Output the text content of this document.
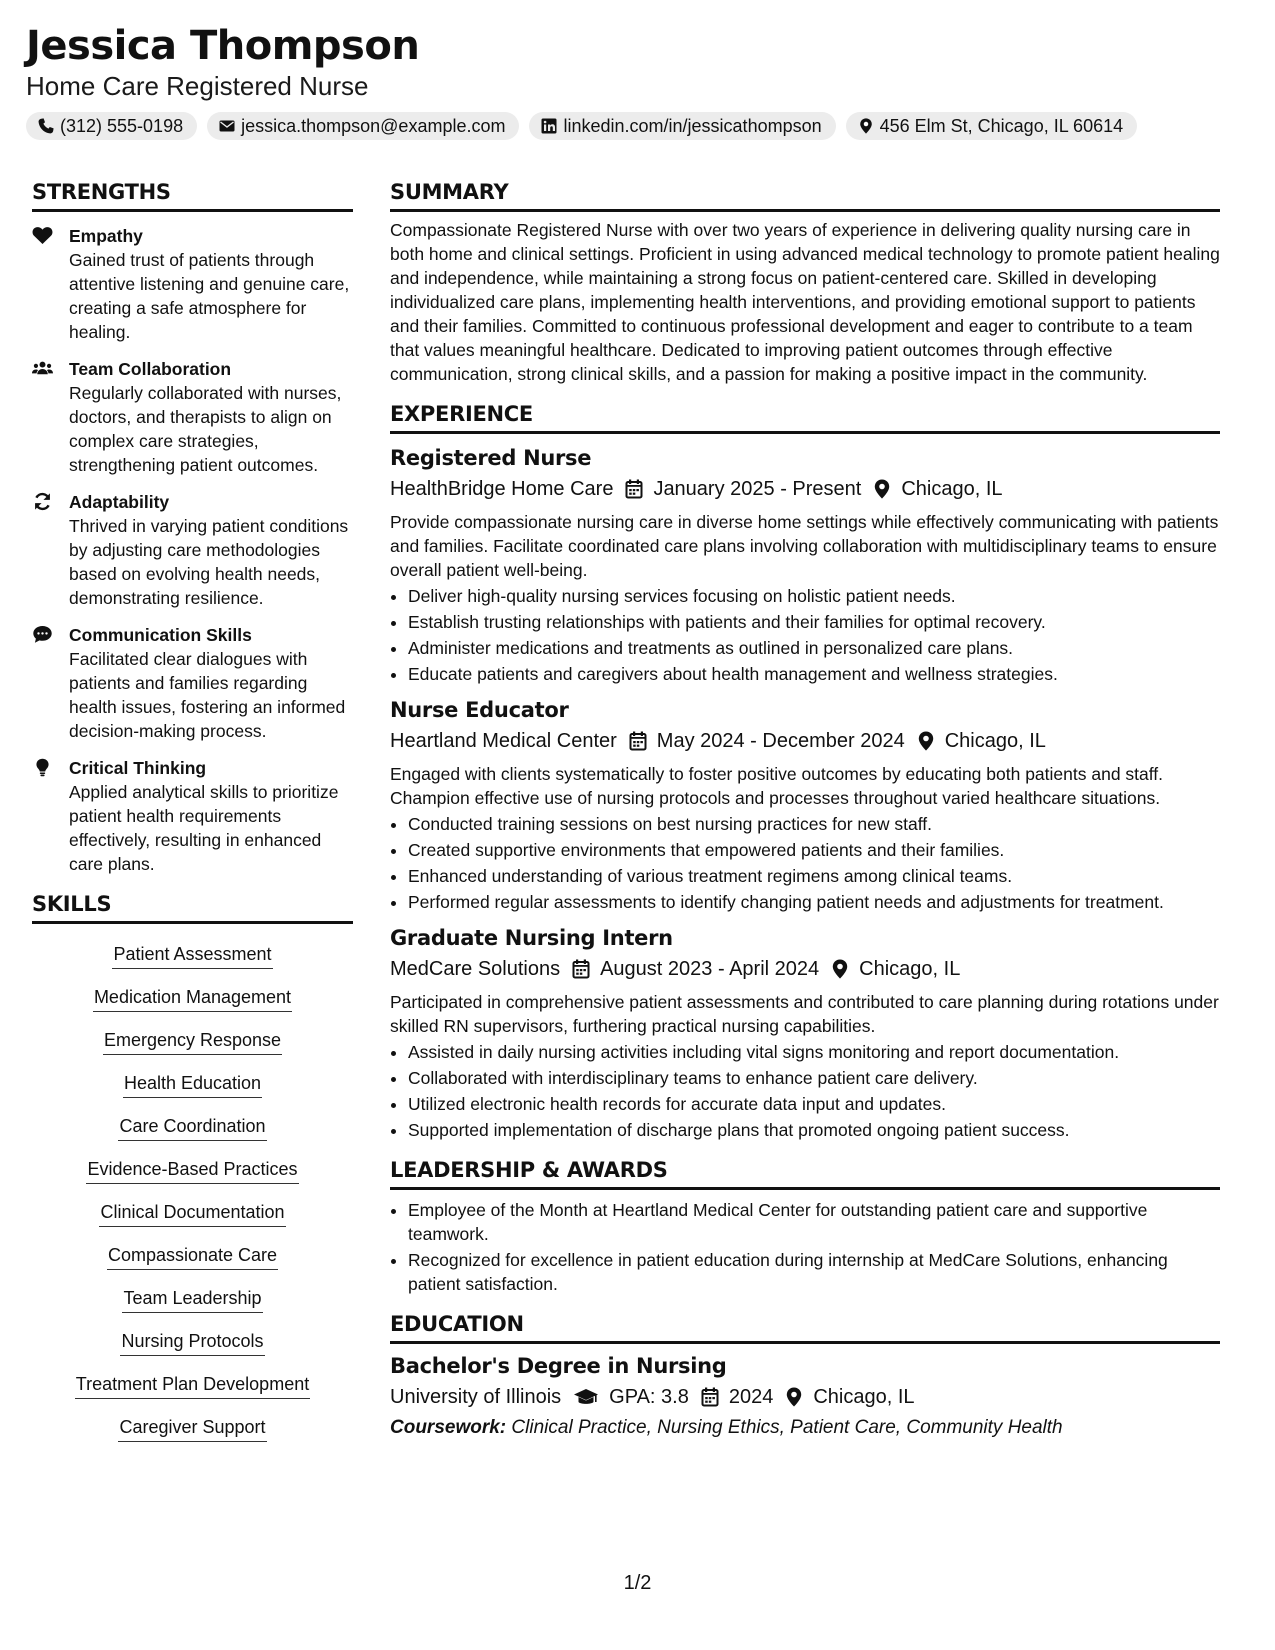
Jessica Thompson
Home Care Registered Nurse
(312) 555-0198	jessica.thompson@example.com	linkedin.com/in/jessicathompson	456 Elm St, Chicago, IL 60614
STRENGTHS
Empathy
Gained trust of patients through attentive listening and genuine care, creating a safe atmosphere for healing.
Team Collaboration
Regularly collaborated with nurses, doctors, and therapists to align on complex care strategies, strengthening patient outcomes.
Adaptability
Thrived in varying patient conditions by adjusting care methodologies based on evolving health needs, demonstrating resilience.
Communication Skills
Facilitated clear dialogues with patients and families regarding health issues, fostering an informed decision-making process.
Critical Thinking
Applied analytical skills to prioritize patient health requirements effectively, resulting in enhanced care plans.
SKILLS
Patient Assessment
Medication Management
Emergency Response
Health Education
Care Coordination
Evidence-Based Practices
Clinical Documentation
Compassionate Care
Team Leadership
Nursing Protocols
Treatment Plan Development
Caregiver Support
SUMMARY
Compassionate Registered Nurse with over two years of experience in delivering quality nursing care in both home and clinical settings. Proficient in using advanced medical technology to promote patient healing and independence, while maintaining a strong focus on patient-centered care. Skilled in developing individualized care plans, implementing health interventions, and providing emotional support to patients and their families. Committed to continuous professional development and eager to contribute to a team that values meaningful healthcare. Dedicated to improving patient outcomes through effective communication, strong clinical skills, and a passion for making a positive impact in the community.
EXPERIENCE
Registered Nurse
HealthBridge Home Care January 2025 - Present Chicago, IL
Provide compassionate nursing care in diverse home settings while effectively communicating with patients and families. Facilitate coordinated care plans involving collaboration with multidisciplinary teams to ensure overall patient well-being.
• Deliver high-quality nursing services focusing on holistic patient needs.
• Establish trusting relationships with patients and their families for optimal recovery.
• Administer medications and treatments as outlined in personalized care plans.
• Educate patients and caregivers about health management and wellness strategies.
Nurse Educator
Heartland Medical Center May 2024 - December 2024 Chicago, IL
Engaged with clients systematically to foster positive outcomes by educating both patients and staff. Champion effective use of nursing protocols and processes throughout varied healthcare situations.
• Conducted training sessions on best nursing practices for new staff.
• Created supportive environments that empowered patients and their families.
• Enhanced understanding of various treatment regimens among clinical teams.
• Performed regular assessments to identify changing patient needs and adjustments for treatment.
Graduate Nursing Intern
MedCare Solutions August 2023 - April 2024 Chicago, IL
Participated in comprehensive patient assessments and contributed to care planning during rotations under skilled RN supervisors, furthering practical nursing capabilities.
• Assisted in daily nursing activities including vital signs monitoring and report documentation.
• Collaborated with interdisciplinary teams to enhance patient care delivery.
• Utilized electronic health records for accurate data input and updates.
• Supported implementation of discharge plans that promoted ongoing patient success.
LEADERSHIP & AWARDS
• Employee of the Month at Heartland Medical Center for outstanding patient care and supportive teamwork.
• Recognized for excellence in patient education during internship at MedCare Solutions, enhancing patient satisfaction.
EDUCATION
Bachelor's Degree in Nursing
University of Illinois GPA: 3.8 2024 Chicago, IL
Coursework: Clinical Practice, Nursing Ethics, Patient Care, Community Health
1/2
